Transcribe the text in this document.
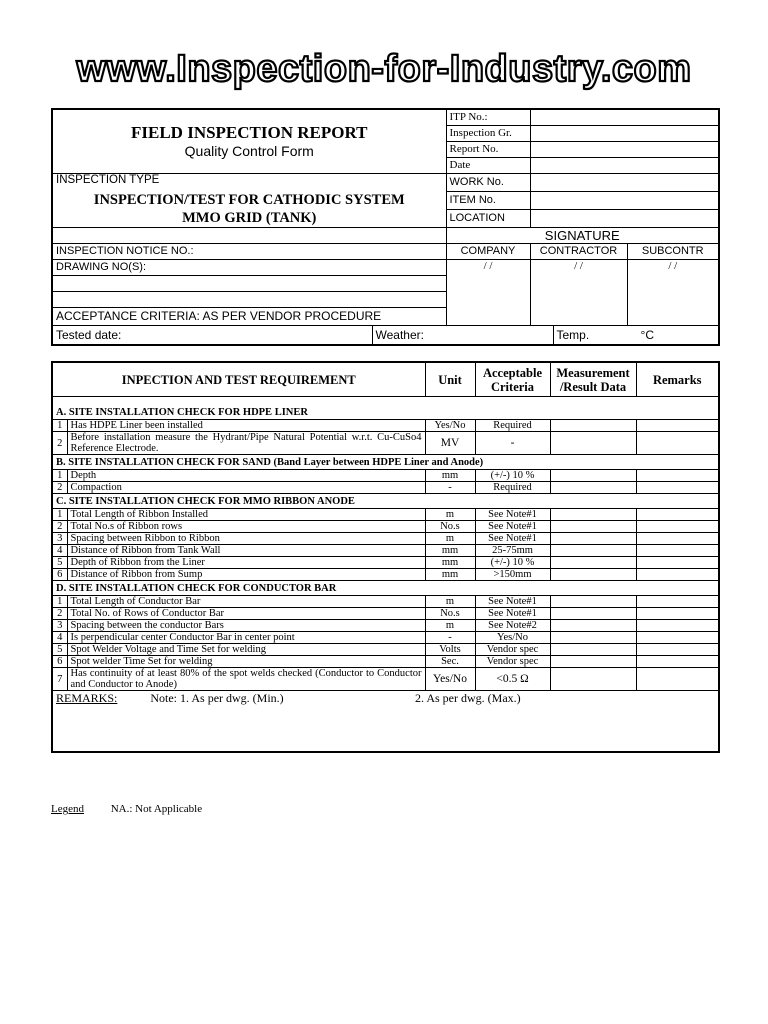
www.Inspection-for-Industry.com
FIELD INSPECTION REPORT
Quality Control Form		ITP No.:			
		Inspection Gr.			
		Report No.			
		Date			

INSPECTION TYPE
INSPECTION/TEST FOR CATHODIC SYSTEM
MMO GRID (TANK)		WORK No.			
		ITEM No.			
		LOCATION			
		SIGNATURE			
INSPECTION NOTICE NO.:		COMPANY	CONTRACTOR		SUBCONTR
DRAWING NO(S):		/ /	/ /		/ /

ACCEPTANCE CRITERIA: AS PER VENDOR PROCEDURE					
Tested date:	Weather:			Temp. °C	
INPECTION AND TEST REQUIREMENT		Unit	Acceptable Criteria	Measurement /Result Data	Remarks

A. SITE INSTALLATION CHECK FOR HDPE LINER					
1	Has HDPE Liner been installed	Yes/No	Required		
2	Before installation measure the Hydrant/Pipe Natural Potential w.r.t. Cu-CuSo4 Reference Electrode.	MV	-		
B. SITE INSTALLATION CHECK FOR SAND (Band Layer between HDPE Liner and Anode)					
1	Depth	mm	(+/-) 10 %		
2	Compaction	-	Required		
C. SITE INSTALLATION CHECK FOR MMO RIBBON ANODE					
1	Total Length of Ribbon Installed	m	See Note#1		
2	Total No.s of Ribbon rows	No.s	See Note#1		
3	Spacing between Ribbon to Ribbon	m	See Note#1		
4	Distance of Ribbon from Tank Wall	mm	25-75mm		
5	Depth of Ribbon from the Liner	mm	(+/-) 10 %		
6	Distance of Ribbon from Sump	mm	>150mm		
D. SITE INSTALLATION CHECK FOR CONDUCTOR BAR					
1	Total Length of Conductor Bar	m	See Note#1		
2	Total No. of Rows of Conductor Bar	No.s	See Note#1		
3	Spacing between the conductor Bars	m	See Note#2		
4	Is perpendicular center Conductor Bar in center point	-	Yes/No		
5	Spot Welder Voltage and Time Set for welding	Volts	Vendor spec		
6	Spot welder Time Set for welding	Sec.	Vendor spec		
7	Has continuity of at least 80% of the spot welds checked (Conductor to Conductor and Conductor to Anode)	Yes/No	<0.5 Ω		
REMARKS: Note: 1. As per dwg. (Min.)			2. As per dwg. (Max.)		

Legend NA.: Not Applicable
